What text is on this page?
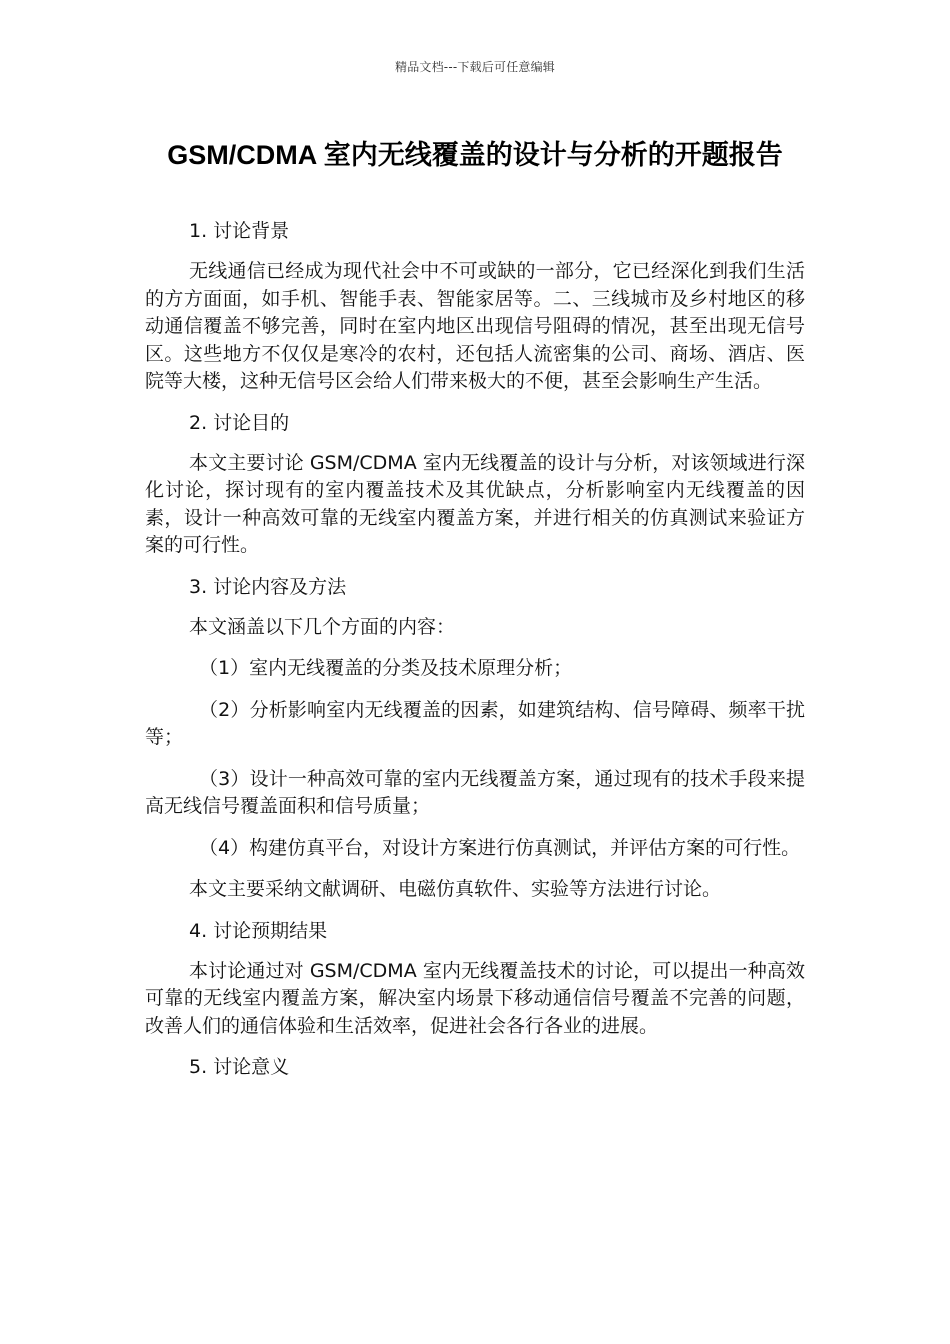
精品文档---下载后可任意编辑
GSM/CDMA 室内无线覆盖的设计与分析的开题报告
1. 讨论背景

无线通信已经成为现代社会中不可或缺的一部分，它已经深化到我们生活的方方面面，如手机、智能手表、智能家居等。二、三线城市及乡村地区的移动通信覆盖不够完善，同时在室内地区出现信号阻碍的情况，甚至出现无信号区。这些地方不仅仅是寒冷的农村，还包括人流密集的公司、商场、酒店、医院等大楼，这种无信号区会给人们带来极大的不便，甚至会影响生产生活。

2. 讨论目的

本文主要讨论 GSM/CDMA 室内无线覆盖的设计与分析，对该领域进行深化讨论，探讨现有的室内覆盖技术及其优缺点，分析影响室内无线覆盖的因素，设计一种高效可靠的无线室内覆盖方案，并进行相关的仿真测试来验证方案的可行性。

3. 讨论内容及方法

本文涵盖以下几个方面的内容：

（1）室内无线覆盖的分类及技术原理分析；

（2）分析影响室内无线覆盖的因素，如建筑结构、信号障碍、频率干扰等；

（3）设计一种高效可靠的室内无线覆盖方案，通过现有的技术手段来提高无线信号覆盖面积和信号质量；

（4）构建仿真平台，对设计方案进行仿真测试，并评估方案的可行性。

本文主要采纳文献调研、电磁仿真软件、实验等方法进行讨论。

4. 讨论预期结果

本讨论通过对 GSM/CDMA 室内无线覆盖技术的讨论，可以提出一种高效可靠的无线室内覆盖方案，解决室内场景下移动通信信号覆盖不完善的问题，改善人们的通信体验和生活效率，促进社会各行各业的进展。

5. 讨论意义
